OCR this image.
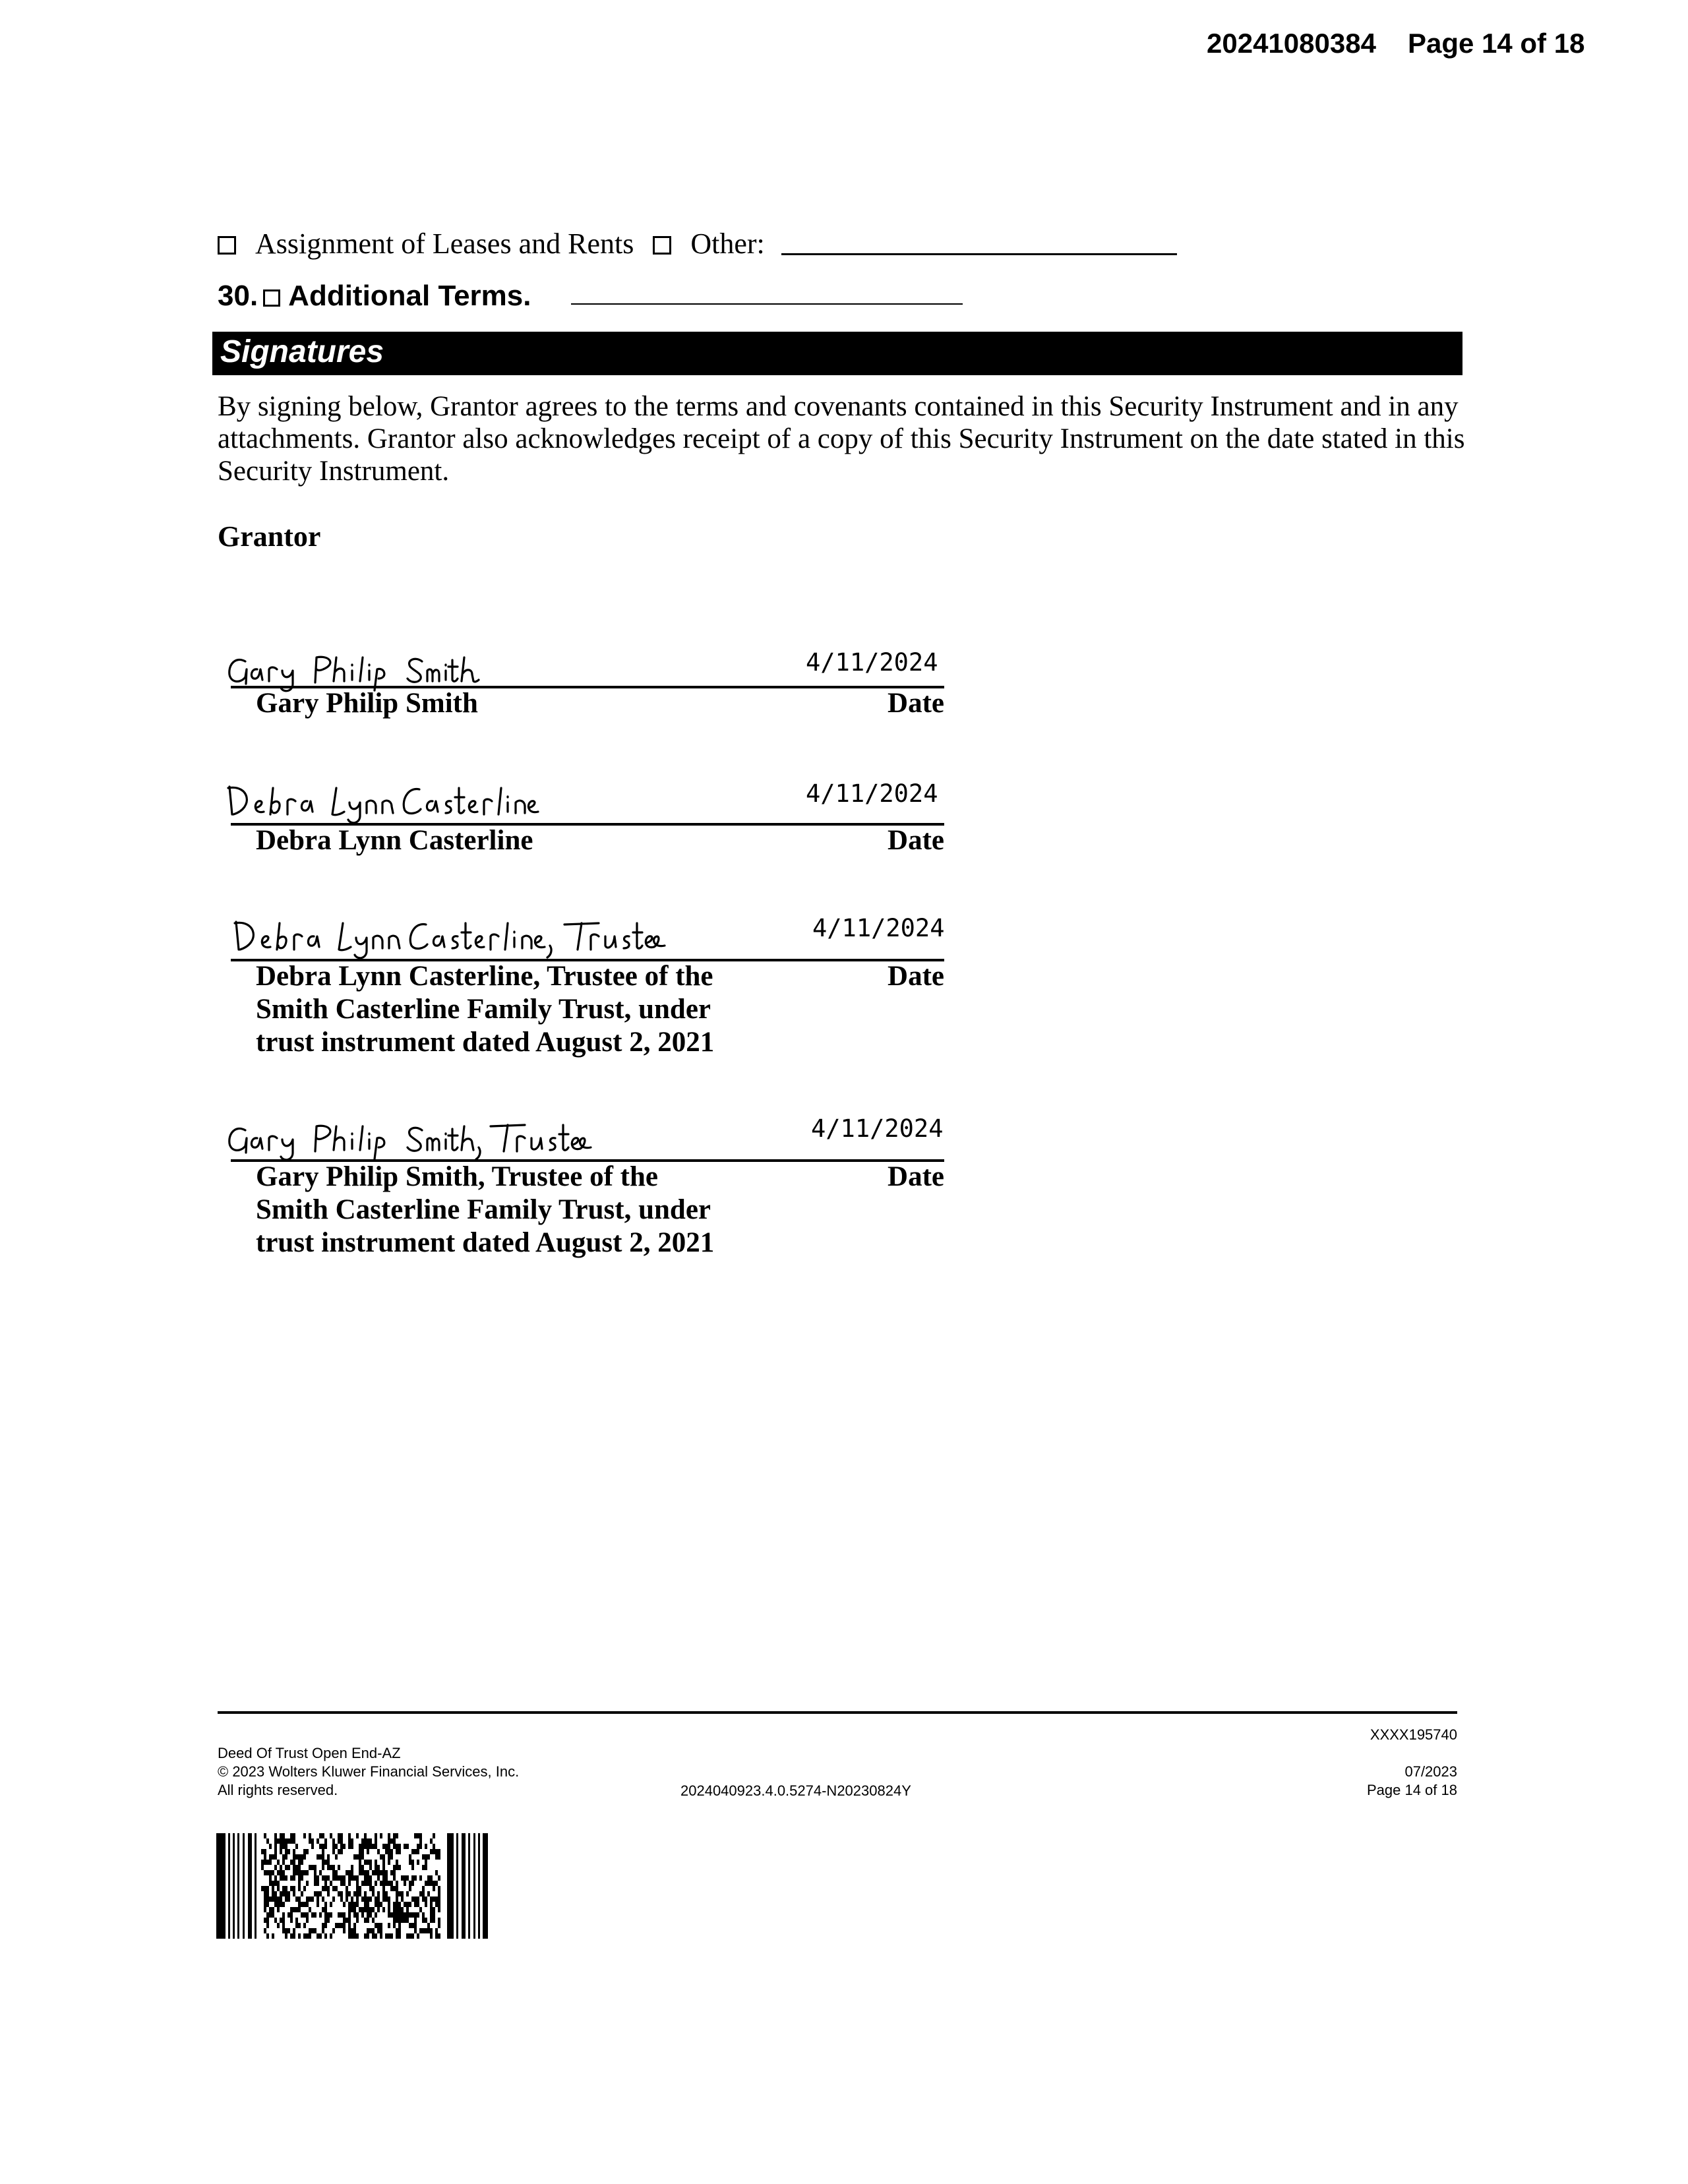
20241080384 Page 14 of 18
Assignment of Leases and Rents Other:
30. Additional Terms.
Signatures
By signing below, Grantor agrees to the terms and covenants contained in this Security Instrument and in any attachments. Grantor also acknowledges receipt of a copy of this Security Instrument on the date stated in this Security Instrument.
Grantor
4/11/2024
Gary Philip Smith	Date
4/11/2024
Debra Lynn Casterline	Date
4/11/2024
Debra Lynn Casterline, Trustee of the
Smith Casterline Family Trust, under
trust instrument dated August 2, 2021
Date
4/11/2024
Gary Philip Smith, Trustee of the
Smith Casterline Family Trust, under
trust instrument dated August 2, 2021
Date
Deed Of Trust Open End-AZ
© 2023 Wolters Kluwer Financial Services, Inc.
All rights reserved.	2024040923.4.0.5274-N20230824Y
XXXX195740
07/2023
Page 14 of 18
